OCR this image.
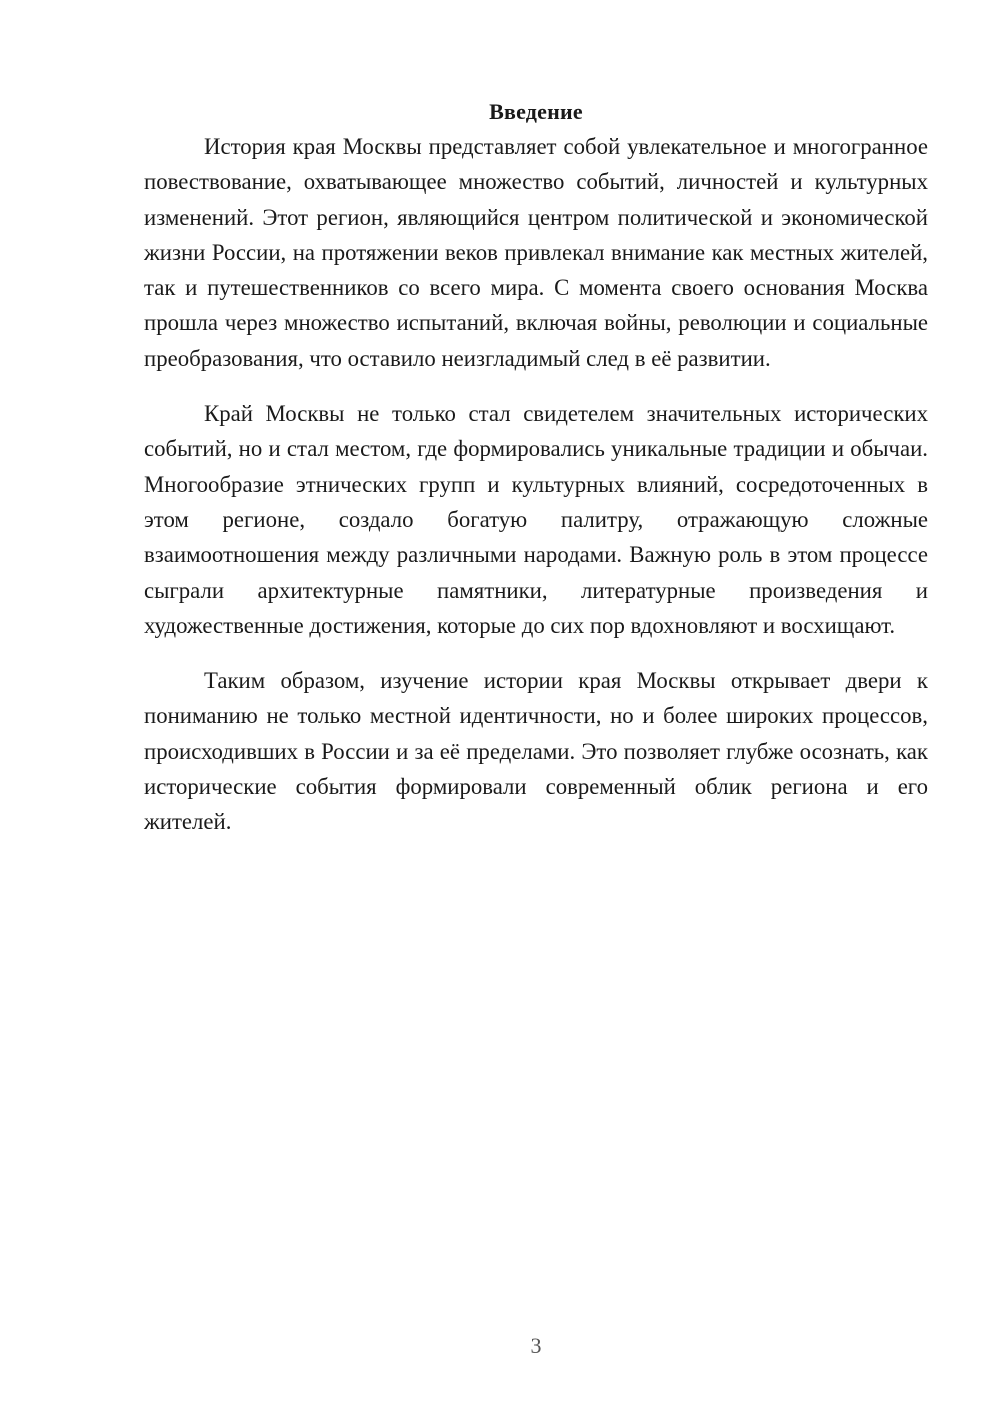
Введение

История края Москвы представляет собой увлекательное и многогранное повествование, охватывающее множество событий, личностей и культурных изменений. Этот регион, являющийся центром политической и экономической жизни России, на протяжении веков привлекал внимание как местных жителей, так и путешественников со всего мира. С момента своего основания Москва прошла через множество испытаний, включая войны, революции и социальные преобразования, что оставило неизгладимый след в её развитии.

Край Москвы не только стал свидетелем значительных исторических событий, но и стал местом, где формировались уникальные традиции и обычаи. Многообразие этнических групп и культурных влияний, сосредоточенных в этом регионе, создало богатую палитру, отражающую сложные взаимоотношения между различными народами. Важную роль в этом процессе сыграли архитектурные памятники, литературные произведения и художественные достижения, которые до сих пор вдохновляют и восхищают.

Таким образом, изучение истории края Москвы открывает двери к пониманию не только местной идентичности, но и более широких процессов, происходивших в России и за её пределами. Это позволяет глубже осознать, как исторические события формировали современный облик региона и его жителей.

3
